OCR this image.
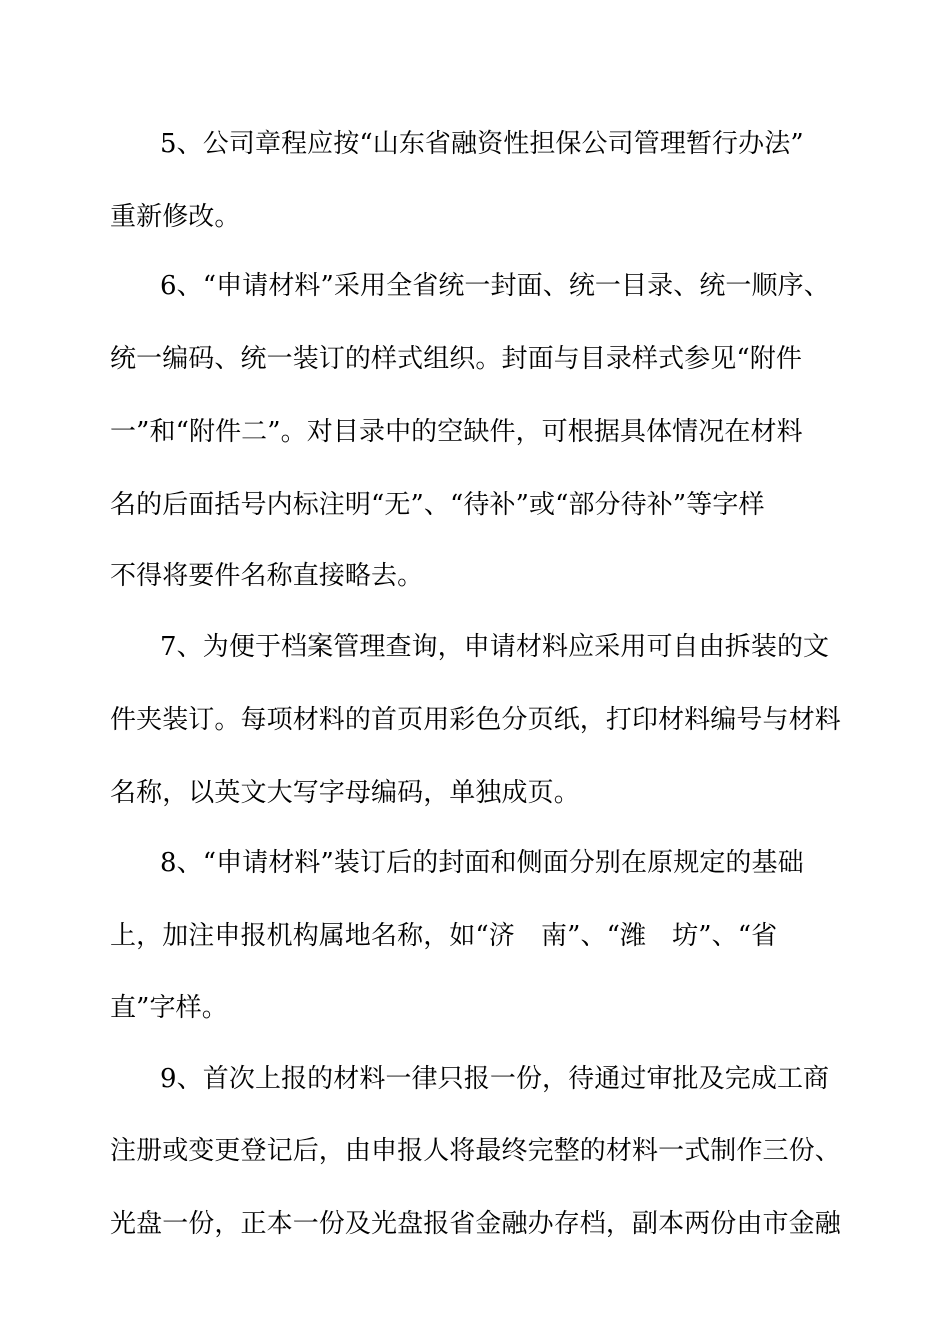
5、公司章程应按“山东省融资性担保公司管理暂行办法”
重新修改。
6、“申请材料”采用全省统一封面、统一目录、统一顺序、
统一编码、统一装订的样式组织。封面与目录样式参见“附件
一”和“附件二”。对目录中的空缺件，可根据具体情况在材料
名的后面括号内标注明“无”、“待补”或“部分待补”等字样
不得将要件名称直接略去。
7、为便于档案管理查询，申请材料应采用可自由拆装的文
件夹装订。每项材料的首页用彩色分页纸，打印材料编号与材料
名称，以英文大写字母编码，单独成页。
8、“申请材料”装订后的封面和侧面分别在原规定的基础
上，加注申报机构属地名称，如“济　南”、“潍　坊”、“省
直”字样。
9、首次上报的材料一律只报一份，待通过审批及完成工商
注册或变更登记后，由申报人将最终完整的材料一式制作三份、
光盘一份，正本一份及光盘报省金融办存档，副本两份由市金融
